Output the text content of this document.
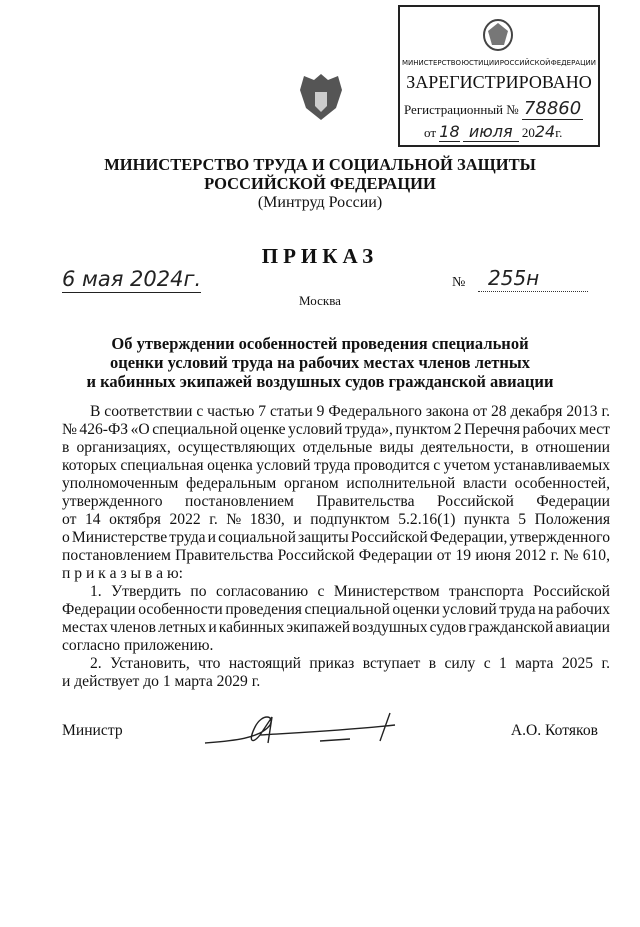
МИНИСТЕРСТВО ЮСТИЦИИ РОССИЙСКОЙ ФЕДЕРАЦИИ
ЗАРЕГИСТРИРОВАНО
Регистрационный № 78860
от 18 июля 2024г.
МИНИСТЕРСТВО ТРУДА И СОЦИАЛЬНОЙ ЗАЩИТЫ
РОССИЙСКОЙ ФЕДЕРАЦИИ
(Минтруд России)
ПРИКАЗ
6 мая 2024г.	№	255н
Москва
Об утверждении особенностей проведения специальной
оценки условий труда на рабочих местах членов летных
и кабинных экипажей воздушных судов гражданской авиации
В соответствии с частью 7 статьи 9 Федерального закона от 28 декабря 2013 г.
№ 426-ФЗ «О специальной оценке условий труда», пунктом 2 Перечня рабочих мест
в организациях, осуществляющих отдельные виды деятельности, в отношении
которых специальная оценка условий труда проводится с учетом устанавливаемых
уполномоченным федеральным органом исполнительной власти особенностей,
утвержденного постановлением Правительства Российской Федерации
от 14 октября 2022 г. № 1830, и подпунктом 5.2.16(1) пункта 5 Положения
о Министерстве труда и социальной защиты Российской Федерации, утвержденного
постановлением Правительства Российской Федерации от 19 июня 2012 г. № 610,
п р и к а з ы в а ю:
1. Утвердить по согласованию с Министерством транспорта Российской
Федерации особенности проведения специальной оценки условий труда на рабочих
местах членов летных и кабинных экипажей воздушных судов гражданской авиации
согласно приложению.
2. Установить, что настоящий приказ вступает в силу с 1 марта 2025 г.
и действует до 1 марта 2029 г.
Министр	А.О. Котяков
